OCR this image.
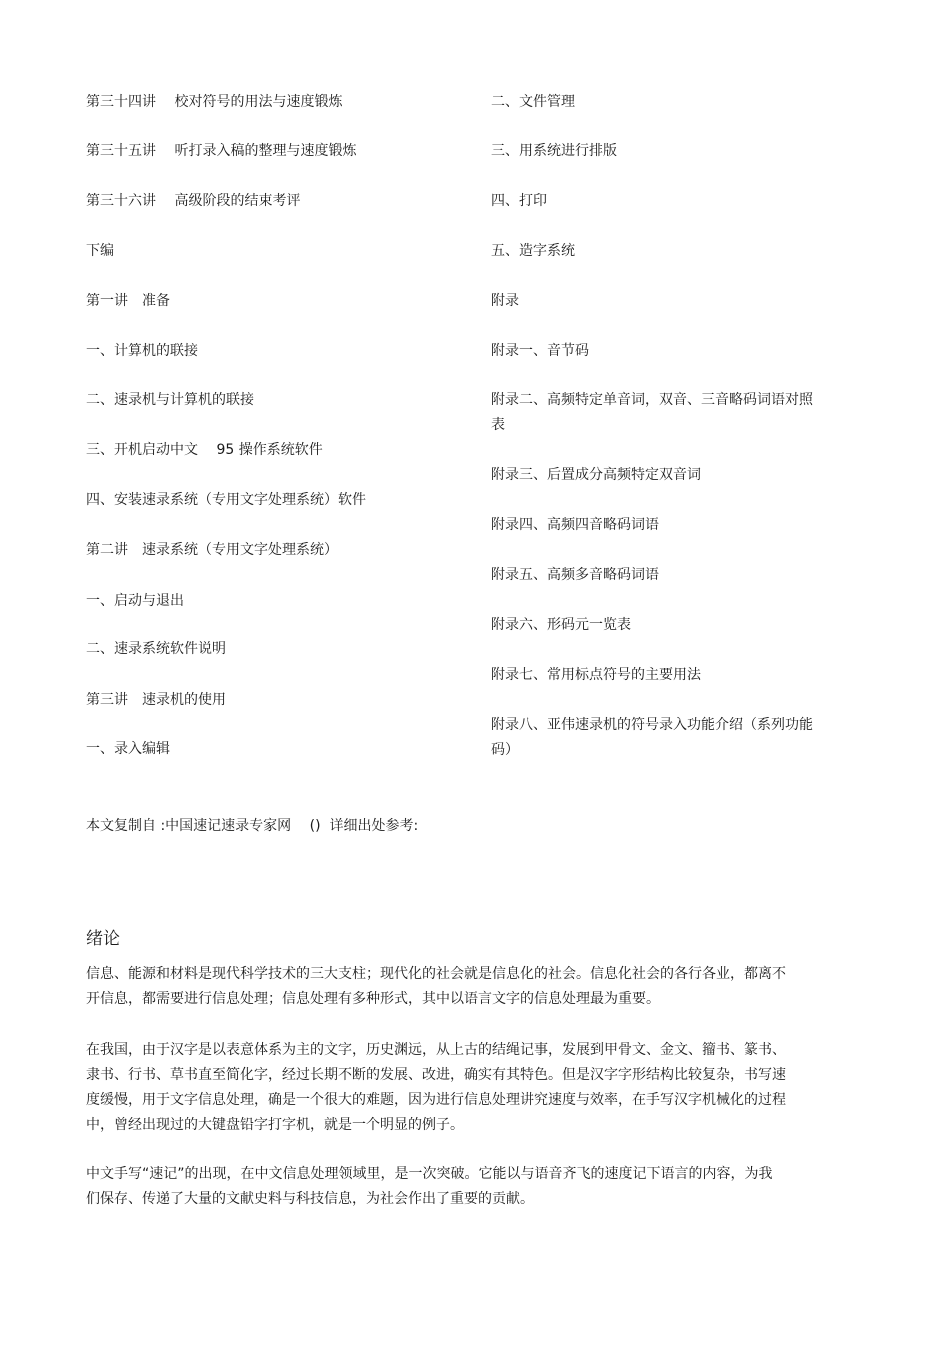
第三十四讲　 校对符号的用法与速度锻炼
第三十五讲　 听打录入稿的整理与速度锻炼
第三十六讲　 高级阶段的结束考评
下编
第一讲　准备
一、计算机的联接
二、速录机与计算机的联接
三、开机启动中文　 95 操作系统软件
四、安装速录系统（专用文字处理系统）软件
第二讲　速录系统（专用文字处理系统）
一、启动与退出
二、速录系统软件说明
第三讲　速录机的使用
一、录入编辑
二、文件管理
三、用系统进行排版
四、打印
五、造字系统
附录
附录一、音节码
附录二、高频特定单音词，双音、三音略码词语对照表
附录三、后置成分高频特定双音词
附录四、高频四音略码词语
附录五、高频多音略码词语
附录六、形码元一览表
附录七、常用标点符号的主要用法
附录八、亚伟速录机的符号录入功能介绍（系列功能码）
本文复制自 :中国速记速录专家网　 ()  详细出处参考:
绪论

信息、能源和材料是现代科学技术的三大支柱；现代化的社会就是信息化的社会。信息化社会的各行各业，都离不开信息，都需要进行信息处理；信息处理有多种形式，其中以语言文字的信息处理最为重要。

在我国，由于汉字是以表意体系为主的文字，历史渊远，从上古的结绳记事，发展到甲骨文、金文、籀书、篆书、隶书、行书、草书直至简化字，经过长期不断的发展、改进，确实有其特色。但是汉字字形结构比较复杂，书写速度缓慢，用于文字信息处理，确是一个很大的难题，因为进行信息处理讲究速度与效率，在手写汉字机械化的过程中，曾经出现过的大键盘铅字打字机，就是一个明显的例子。

中文手写“速记”的出现，在中文信息处理领域里，是一次突破。它能以与语音齐飞的速度记下语言的内容，为我们保存、传递了大量的文献史料与科技信息，为社会作出了重要的贡献。
